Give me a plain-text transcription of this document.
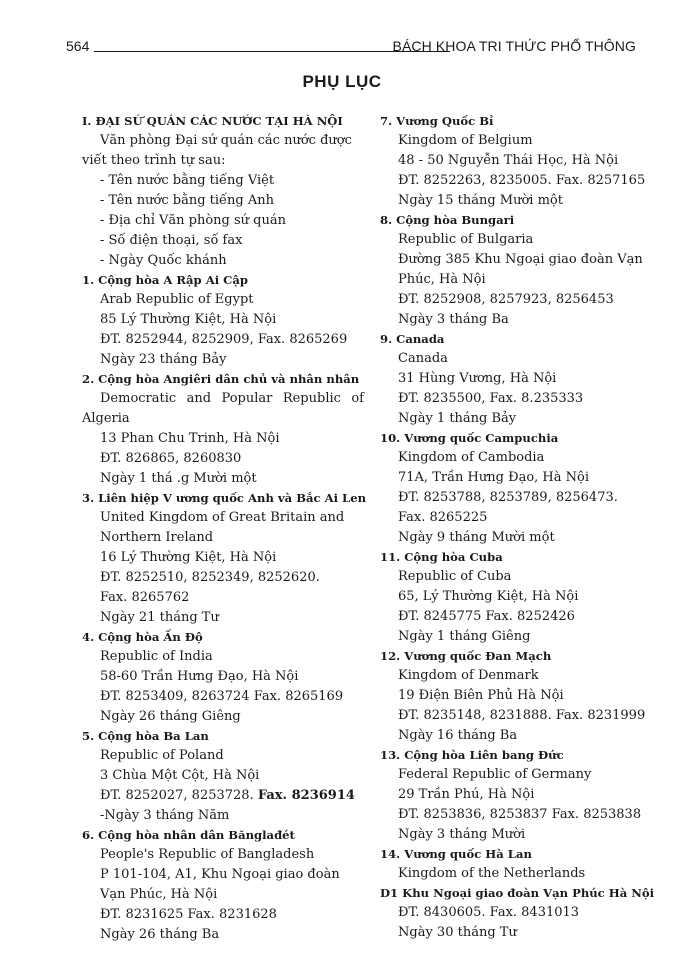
564	BÁCH KHOA TRI THỨC PHỔ THÔNG
PHỤ LỤC
I. ĐẠI SỨ QUÁN CÁC NƯỚC TẠI HÀ NỘI
Văn phòng Đại sứ quán các nước được viết theo trình tự sau:
- Tên nước bằng tiếng Việt
- Tên nước bằng tiếng Anh
- Địa chỉ Văn phòng sứ quán
- Số điện thoại, số fax
- Ngày Quốc khánh
1. Cộng hòa A Rập Ai Cập
Arab Republic of Egypt
85 Lý Thường Kiệt, Hà Nội
ĐT. 8252944, 8252909, Fax. 8265269
Ngày 23 tháng Bảy
2. Cộng hòa Angiêri dân chủ và nhân nhân
Democratic and Popular Republic of Algeria
13 Phan Chu Trinh, Hà Nội
ĐT. 826865, 8260830
Ngày 1 thá .g Mười một
3. Liên hiệp V ương quốc Anh và Bắc Ai Len
United Kingdom of Great Britain and Northern Ireland
16 Lý Thường Kiệt, Hà Nội
ĐT. 8252510, 8252349, 8252620.
Fax. 8265762
Ngày 21 tháng Tư
4. Cộng hòa Ấn Độ
Republic of India
58-60 Trần Hưng Đạo, Hà Nội
ĐT. 8253409, 8263724 Fax. 8265169
Ngày 26 tháng Giêng
5. Cộng hòa Ba Lan
Republic of Poland
3 Chùa Một Cột, Hà Nội
ĐT. 8252027, 8253728. Fax. 8236914
-Ngày 3 tháng Năm
6. Cộng hòa nhân dân Bănglađét
People's Republic of Bangladesh
P 101-104, A1, Khu Ngoại giao đoàn Vạn Phúc, Hà Nội
ĐT. 8231625 Fax. 8231628
Ngày 26 tháng Ba
7. Vương Quốc Bỉ
Kingdom of Belgium
48 - 50 Nguyễn Thái Học, Hà Nội
ĐT. 8252263, 8235005. Fax. 8257165
Ngày 15 tháng Mười một
8. Cộng hòa Bungari
Republic of Bulgaria
Đường 385 Khu Ngoại giao đoàn Vạn Phúc, Hà Nội
ĐT. 8252908, 8257923, 8256453
Ngày 3 tháng Ba
9. Canada
Canada
31 Hùng Vương, Hà Nội
ĐT. 8235500, Fax. 8.235333
Ngày 1 tháng Bảy
10. Vương quốc Campuchia
Kingdom of Cambodia
71A, Trần Hưng Đạo, Hà Nội
ĐT. 8253788, 8253789, 8256473.
Fax. 8265225
Ngày 9 tháng Mười một
11. Cộng hòa Cuba
Republic of Cuba
65, Lý Thường Kiệt, Hà Nội
ĐT. 8245775 Fax. 8252426
Ngày 1 tháng Giêng
12. Vương quốc Đan Mạch
Kingdom of Denmark
19 Điện Biên Phủ Hà Nội
ĐT. 8235148, 8231888. Fax. 8231999
Ngày 16 tháng Ba
13. Cộng hòa Liên bang Đức
Federal Republic of Germany
29 Trần Phú, Hà Nội
ĐT. 8253836, 8253837 Fax. 8253838
Ngày 3 tháng Mười
14. Vương quốc Hà Lan
Kingdom of the Netherlands
D1 Khu Ngoại giao đoàn Vạn Phúc Hà Nội
ĐT. 8430605. Fax. 8431013
Ngày 30 tháng Tư
